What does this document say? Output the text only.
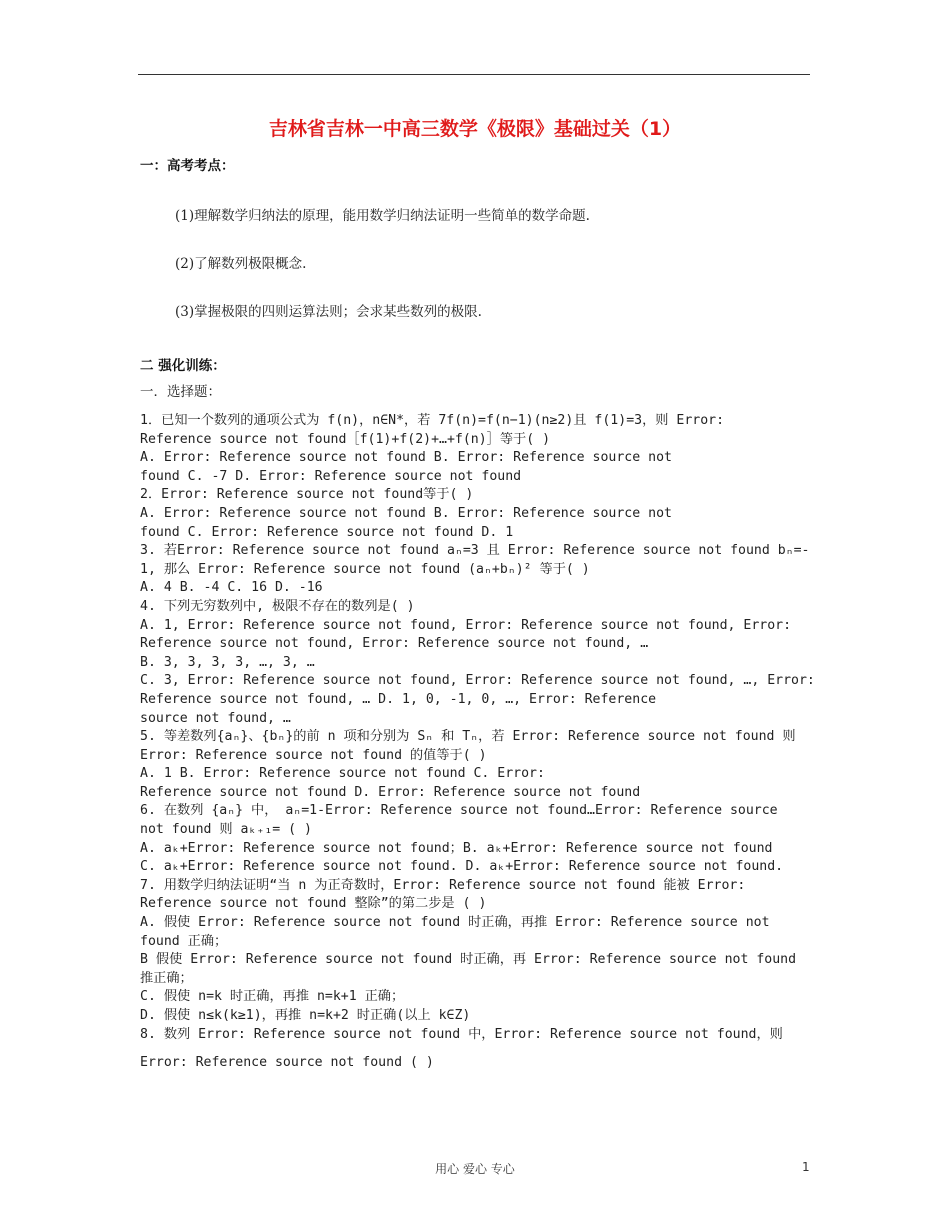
吉林省吉林一中高三数学《极限》基础过关（1）
一：高考考点：
(1)理解数学归纳法的原理，能用数学归纳法证明一些简单的数学命题.
(2)了解数列极限概念.
(3)掌握极限的四则运算法则；会求某些数列的极限.
二 强化训练：
一．选择题：
1．已知一个数列的通项公式为 f(n)，n∈N*，若 7f(n)=f(n−1)(n≥2)且 f(1)=3，则 Error:
Reference source not found［f(1)+f(2)+…+f(n)］等于( )
A. Error: Reference source not found B. Error: Reference source not
found C. -7 D. Error: Reference source not found
2．Error: Reference source not found等于( )
A. Error: Reference source not found B. Error: Reference source not
found C. Error: Reference source not found D. 1
3. 若Error: Reference source not found aₙ=3 且 Error: Reference source not found bₙ=-
1, 那么 Error: Reference source not found (aₙ+bₙ)² 等于( )
A. 4 B. -4 C. 16 D. -16
4. 下列无穷数列中, 极限不存在的数列是( )
A. 1, Error: Reference source not found, Error: Reference source not found, Error:
Reference source not found, Error: Reference source not found, …
B. 3, 3, 3, 3, …, 3, …
C. 3, Error: Reference source not found, Error: Reference source not found, …, Error:
Reference source not found, … D. 1, 0, -1, 0, …, Error: Reference
source not found, …
5. 等差数列{aₙ}、{bₙ}的前 n 项和分别为 Sₙ 和 Tₙ，若 Error: Reference source not found 则
Error: Reference source not found 的值等于( )
A. 1 B. Error: Reference source not found C. Error:
Reference source not found D. Error: Reference source not found
6. 在数列 {aₙ} 中， aₙ=1-Error: Reference source not found…Error: Reference source
not found 则 aₖ₊₁= ( )
A. aₖ+Error: Reference source not found；B. aₖ+Error: Reference source not found
C. aₖ+Error: Reference source not found. D. aₖ+Error: Reference source not found.
7. 用数学归纳法证明“当 n 为正奇数时，Error: Reference source not found 能被 Error:
Reference source not found 整除”的第二步是 ( )
A. 假使 Error: Reference source not found 时正确，再推 Error: Reference source not
found 正确；
B 假使 Error: Reference source not found 时正确，再 Error: Reference source not found
推正确；
C. 假使 n=k 时正确，再推 n=k+1 正确；
D. 假使 n≤k(k≥1)，再推 n=k+2 时正确(以上 k∈Z)
8. 数列 Error: Reference source not found 中，Error: Reference source not found，则
Error: Reference source not found ( )
用心 爱心 专心	1
